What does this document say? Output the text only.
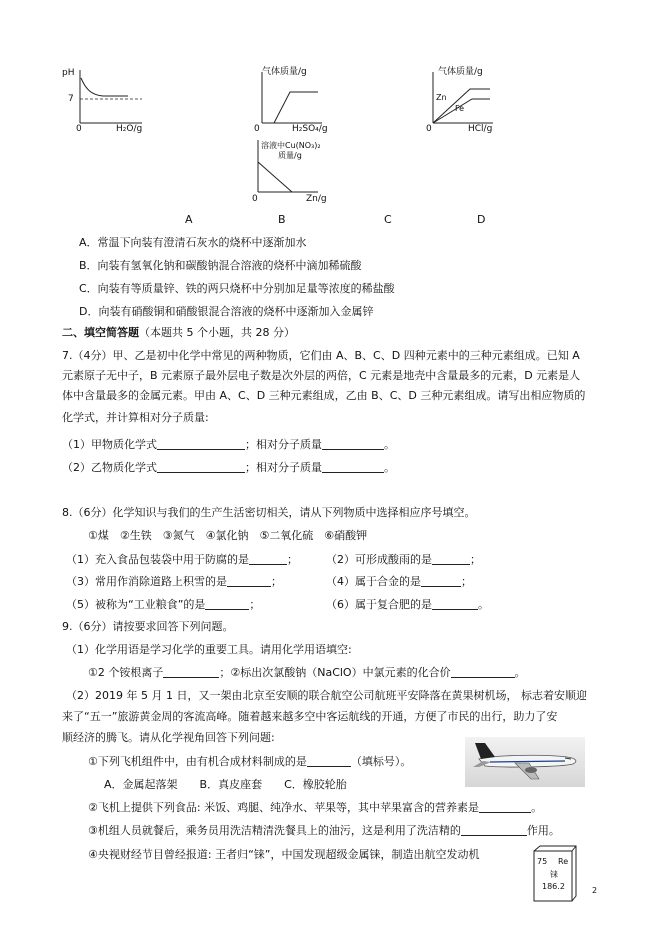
pH
7
0	H₂O/g
气体质量/g
0	H₂SO₄/g
气体质量/g
0	HCl/g
Zn
Fe
溶液中Cu(NO₃)₂
质量/g
0	Zn/g
A	B	C	D
A．常温下向装有澄清石灰水的烧杯中逐渐加水
B．向装有氢氧化钠和碳酸钠混合溶液的烧杯中滴加稀硫酸
C．向装有等质量锌、铁的两只烧杯中分别加足量等浓度的稀盐酸
D．向装有硝酸铜和硝酸银混合溶液的烧杯中逐渐加入金属锌
二、填空简答题（本题共 5 个小题，共 28 分）
7.（4分）甲、乙是初中化学中常见的两种物质，它们由 A、B、C、D 四种元素中的三种元素组成。已知 A
元素原子无中子，B 元素原子最外层电子数是次外层的两倍，C 元素是地壳中含量最多的元素，D 元素是人
体中含量最多的金属元素。甲由 A、C、D 三种元素组成，乙由 B、C、D 三种元素组成。请写出相应物质的
化学式，并计算相对分子质量:
（1）甲物质化学式	；相对分子质量	。
（2）乙物质化学式	；相对分子质量	。
8.（6分）化学知识与我们的生产生活密切相关，请从下列物质中选择相应序号填空。
①煤　②生铁　③氮气　④氯化钠　⑤二氧化硫　⑥硝酸钾
（1）充入食品包装袋中用于防腐的是	；	（2）可形成酸雨的是	；
（3）常用作消除道路上积雪的是	；	（4）属于合金的是	；
（5）被称为“工业粮食”的是	；	（6）属于复合肥的是	。
9.（6分）请按要求回答下列问题。
（1）化学用语是学习化学的重要工具。请用化学用语填空:
①2 个铵根离子	；②标出次氯酸钠（NaClO）中氯元素的化合价	。
（2）2019 年 5 月 1 日，又一架由北京至安顺的联合航空公司航班平安降落在黄果树机场， 标志着安顺迎
来了“五一”旅游黄金周的客流高峰。随着越来越多空中客运航线的开通，方便了市民的出行，助力了安
顺经济的腾飞。请从化学视角回答下列问题:
①下列飞机组件中，由有机合成材料制成的是	（填标号）。
A．金属起落架　　B．真皮座套　　C．橡胶轮胎
②飞机上提供下列食品: 米饭、鸡腿、纯净水、苹果等，其中苹果富含的营养素是	。
③机组人员就餐后，乘务员用洗洁精清洗餐具上的油污，这是利用了洗洁精的	作用。
④央视财经节目曾经报道: 王者归“铼”，中国发现超级金属铼，制造出航空发动机
75 Re
铼
186.2	2
